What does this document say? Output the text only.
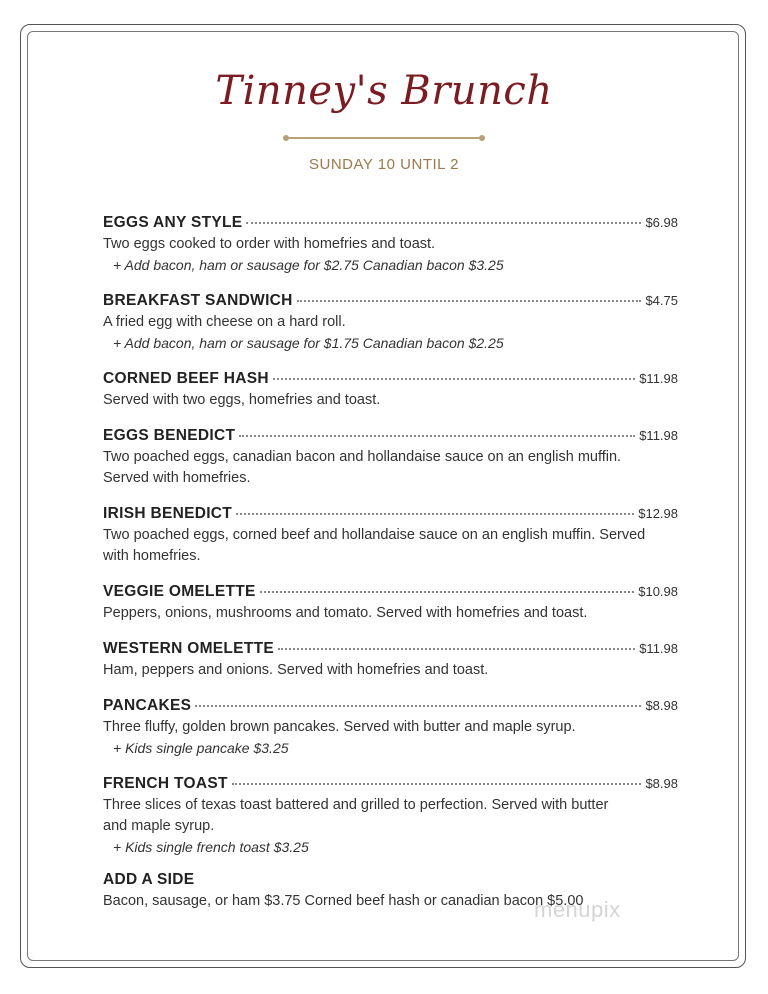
Tinney's Brunch
SUNDAY 10 UNTIL 2
EGGS ANY STYLE	$6.98
Two eggs cooked to order with homefries and toast.
+ Add bacon, ham or sausage for $2.75 Canadian bacon $3.25
BREAKFAST SANDWICH	$4.75
A fried egg with cheese on a hard roll.
+ Add bacon, ham or sausage for $1.75 Canadian bacon $2.25
CORNED BEEF HASH	$11.98
Served with two eggs, homefries and toast.
EGGS BENEDICT	$11.98
Two poached eggs, canadian bacon and hollandaise sauce on an english muffin. Served with homefries.
IRISH BENEDICT	$12.98
Two poached eggs, corned beef and hollandaise sauce on an english muffin. Served with homefries.
VEGGIE OMELETTE	$10.98
Peppers, onions, mushrooms and tomato. Served with homefries and toast.
WESTERN OMELETTE	$11.98
Ham, peppers and onions. Served with homefries and toast.
PANCAKES	$8.98
Three fluffy, golden brown pancakes. Served with butter and maple syrup.
+ Kids single pancake $3.25
FRENCH TOAST	$8.98
Three slices of texas toast battered and grilled to perfection. Served with butter and maple syrup.
+ Kids single french toast $3.25
ADD A SIDE
Bacon, sausage, or ham $3.75 Corned beef hash or canadian bacon $5.00
menupix
